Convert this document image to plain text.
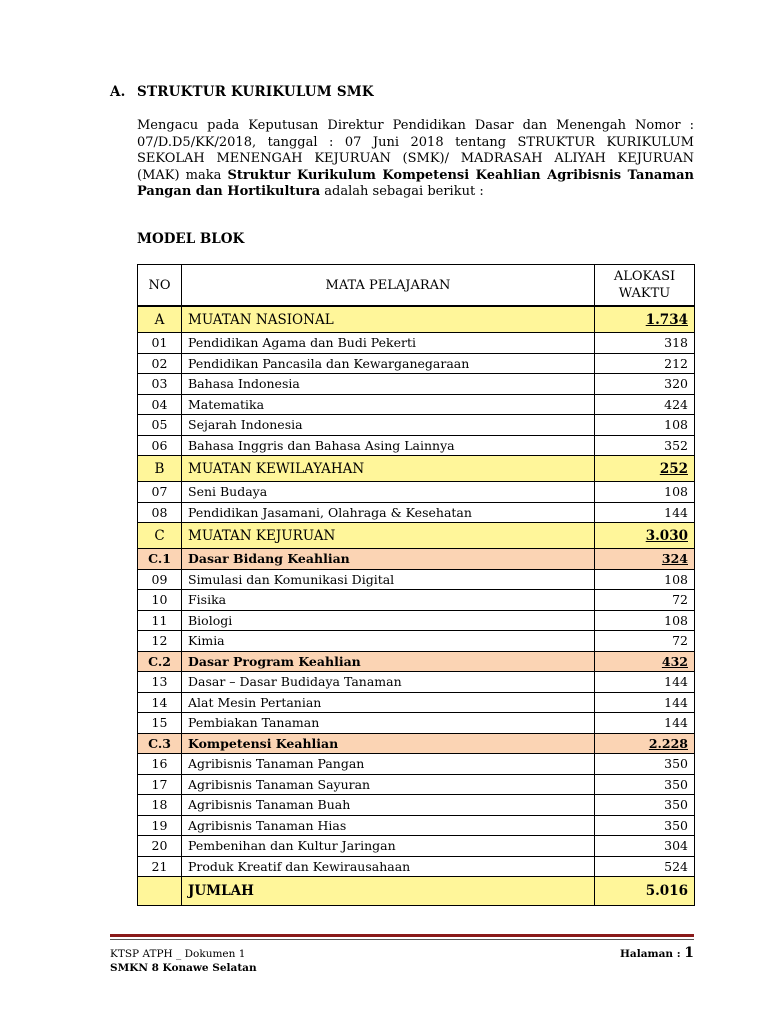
A. STRUKTUR KURIKULUM SMK

Mengacu pada Keputusan Direktur Pendidikan Dasar dan Menengah Nomor : 07/D.D5/KK/2018, tanggal : 07 Juni 2018 tentang STRUKTUR KURIKULUM SEKOLAH MENENGAH KEJURUAN (SMK)/ MADRASAH ALIYAH KEJURUAN (MAK) maka Struktur Kurikulum Kompetensi Keahlian Agribisnis Tanaman Pangan dan Hortikultura adalah sebagai berikut :

MODEL BLOK
NO	MATA PELAJARAN	ALOKASI
WAKTU
A	MUATAN NASIONAL	1.734
01	Pendidikan Agama dan Budi Pekerti	318
02	Pendidikan Pancasila dan Kewarganegaraan	212
03	Bahasa Indonesia	320
04	Matematika	424
05	Sejarah Indonesia	108
06	Bahasa Inggris dan Bahasa Asing Lainnya	352
B	MUATAN KEWILAYAHAN	252
07	Seni Budaya	108
08	Pendidikan Jasamani, Olahraga & Kesehatan	144
C	MUATAN KEJURUAN	3.030
C.1	Dasar Bidang Keahlian	324
09	Simulasi dan Komunikasi Digital	108
10	Fisika	72
11	Biologi	108
12	Kimia	72
C.2	Dasar Program Keahlian	432
13	Dasar – Dasar Budidaya Tanaman	144
14	Alat Mesin Pertanian	144
15	Pembiakan Tanaman	144
C.3	Kompetensi Keahlian	2.228
16	Agribisnis Tanaman Pangan	350
17	Agribisnis Tanaman Sayuran	350
18	Agribisnis Tanaman Buah	350
19	Agribisnis Tanaman Hias	350
20	Pembenihan dan Kultur Jaringan	304
21	Produk Kreatif dan Kewirausahaan	524
	JUMLAH	5.016
KTSP ATPH _ Dokumen 1
SMKN 8 Konawe Selatan
Halaman : 1
